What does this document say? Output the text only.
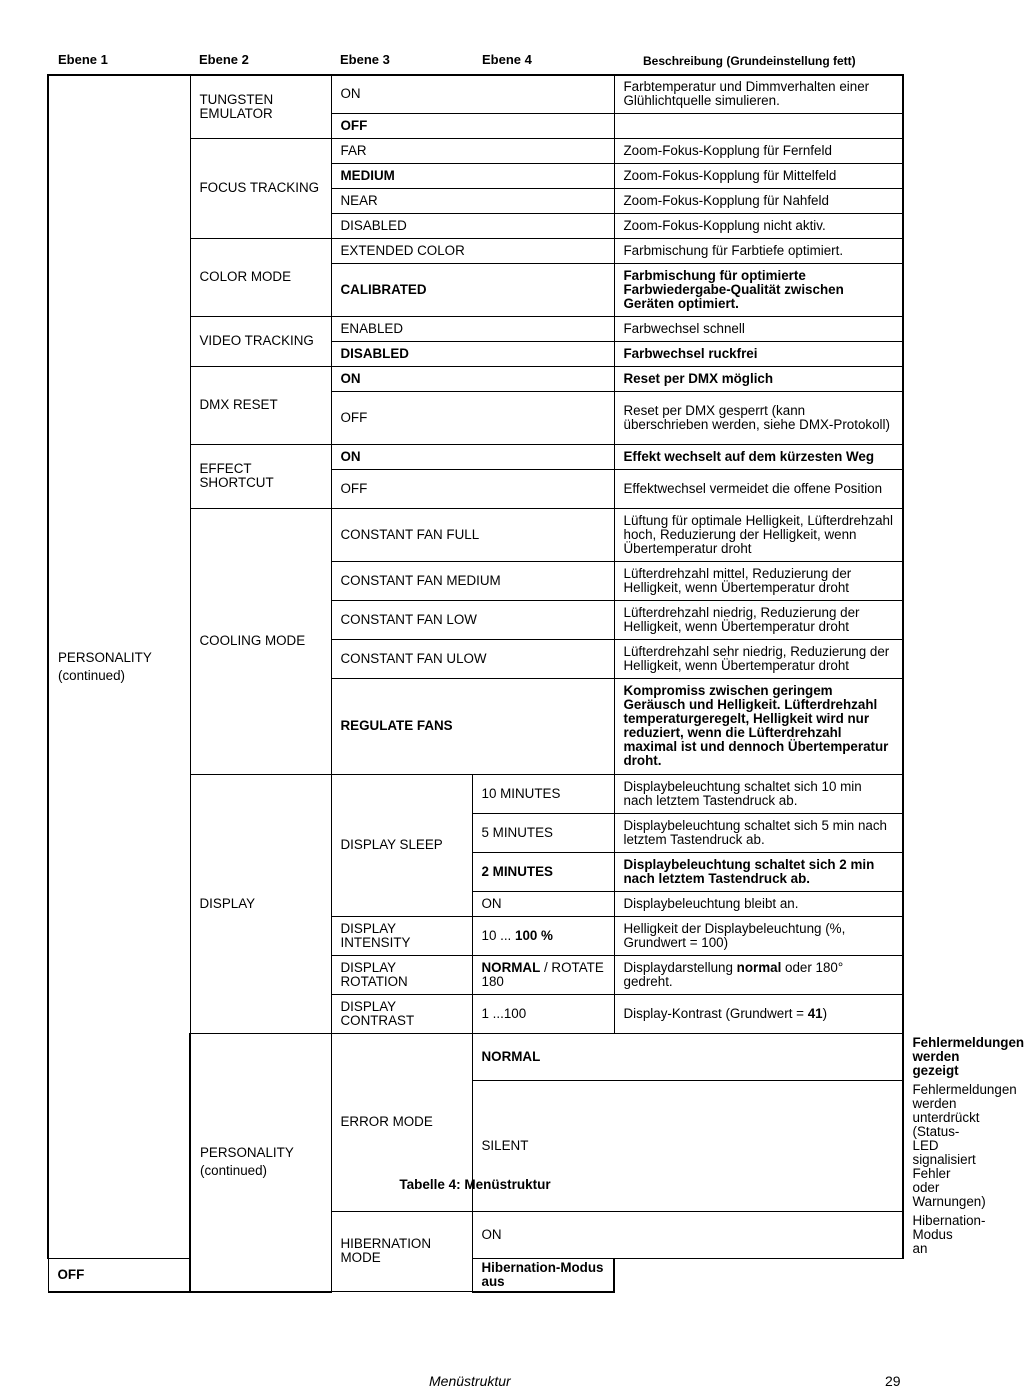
Ebene 1	Ebene 2	Ebene 3	Ebene 4	Beschreibung (Grundeinstellung fett)
PERSONALITY
(continued)	TUNGSTEN EMULATOR	ON		Farbtemperatur und Dimmverhalten einer Glühlichtquelle simulieren.	
		OFF			
	FOCUS TRACKING	FAR		Zoom-Fokus-Kopplung für Fernfeld	
		MEDIUM		Zoom-Fokus-Kopplung für Mittelfeld	
		NEAR		Zoom-Fokus-Kopplung für Nahfeld	
		DISABLED		Zoom-Fokus-Kopplung nicht aktiv.	
	COLOR MODE	EXTENDED COLOR		Farbmischung für Farbtiefe optimiert.	
		CALIBRATED		Farbmischung für optimierte Farbwiedergabe-Qualität zwischen Geräten optimiert.	
	VIDEO TRACKING	ENABLED		Farbwechsel schnell	
		DISABLED		Farbwechsel ruckfrei	
	DMX RESET	ON		Reset per DMX möglich	
		OFF		Reset per DMX gesperrt (kann überschrieben werden, siehe DMX-Protokoll)	
	EFFECT SHORTCUT	ON		Effekt wechselt auf dem kürzesten Weg	
		OFF		Effektwechsel vermeidet die offene Position	
	COOLING MODE	CONSTANT FAN FULL		Lüftung für optimale Helligkeit, Lüfterdrehzahl hoch, Reduzierung der Helligkeit, wenn Übertemperatur droht	
		CONSTANT FAN MEDIUM		Lüfterdrehzahl mittel, Reduzierung der Helligkeit, wenn Übertemperatur droht	
		CONSTANT FAN LOW		Lüfterdrehzahl niedrig, Reduzierung der Helligkeit, wenn Übertemperatur droht	
		CONSTANT FAN ULOW		Lüfterdrehzahl sehr niedrig, Reduzierung der Helligkeit, wenn Übertemperatur droht	
		REGULATE FANS		Kompromiss zwischen geringem Geräusch und Helligkeit. Lüfterdrehzahl temperaturgeregelt, Helligkeit wird nur reduziert, wenn die Lüfterdrehzahl maximal ist und dennoch Übertemperatur droht.	
	DISPLAY	DISPLAY SLEEP	10 MINUTES	Displaybeleuchtung schaltet sich 10 min nach letztem Tastendruck ab.	
			5 MINUTES	Displaybeleuchtung schaltet sich 5 min nach letztem Tastendruck ab.	
			2 MINUTES	Displaybeleuchtung schaltet sich 2 min nach letztem Tastendruck ab.	
			ON	Displaybeleuchtung bleibt an.	
		DISPLAY INTENSITY	10 ... 100 %	Helligkeit der Displaybeleuchtung (%, Grundwert = 100)	
		DISPLAY ROTATION	NORMAL / ROTATE 180	Displaydarstellung normal oder 180° gedreht.	
		DISPLAY CONTRAST	1 ...100	Display-Kontrast (Grundwert = 41)	
	PERSONALITY
(continued)	ERROR MODE	NORMAL		Fehlermeldungen werden gezeigt
			SILENT		Fehlermeldungen werden unterdrückt (Status-LED signalisiert Fehler oder Warnungen)
		HIBERNATION MODE	ON		Hibernation-Modus an
OFF			Hibernation-Modus aus		
Tabelle 4: Menüstruktur
Menüstruktur	29
